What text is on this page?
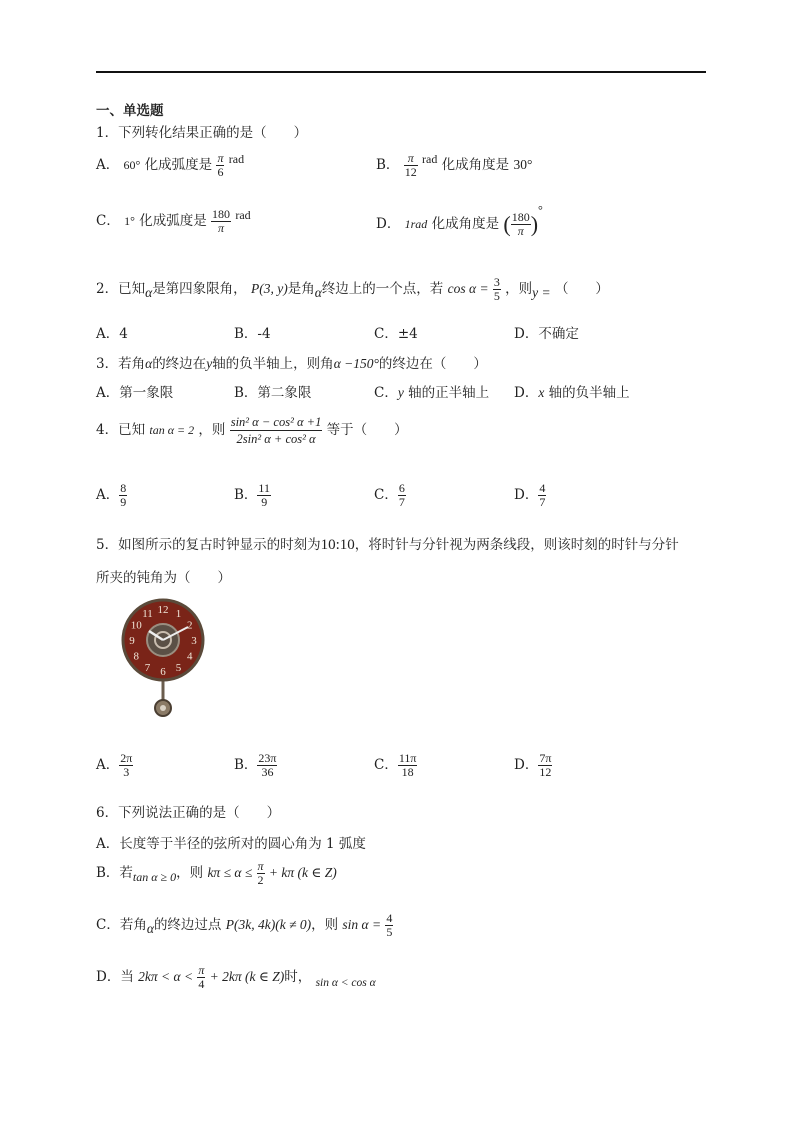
一、单选题
1．下列转化结果正确的是（　　）
A． 60° 化成弧度是 $\frac{\pi}{6}$ rad	B． $\frac{\pi}{12}$ rad 化成角度是 30°
C． 1° 化成弧度是 $\frac{180}{\pi}$ rad
D． 1rad 化成角度是 ( $\frac{180}{\pi}$ )°
2．已知α是第四象限角， P(3, y)是角α终边上的一个点，若 $\cos \alpha = \frac{3}{5}$ ，则y = （　　）
A．4	B．-4	C．±4	D．不确定
3．若角α的终边在y轴的负半轴上，则角α −150°的终边在（　　）
A．第一象限	B．第二象限	C．y 轴的正半轴上 D．x 轴的负半轴上
4．已知 tan α = 2 ，则 $\frac{\text{sin² α − cos² α +1}}{\text{2sin² α + cos² α}}$ 等于（　　）
A． $\frac{8}{9}$	B． $\frac{11}{9}$	C． $\frac{6}{7}$	D． $\frac{4}{7}$
5．如图所示的复古时钟显示的时刻为10:10，将时针与分针视为两条线段，则该时刻的时针与分针
所夹的钝角为（　　）
12 1
2
3
4
5
6
7
8
9
10
11
A． $\frac{2\pi}{3}$	B． $\frac{23\pi}{36}$	C． $\frac{11\pi}{18}$	D． $\frac{7\pi}{12}$
6．下列说法正确的是（　　）
A．长度等于半径的弦所对的圆心角为 1 弧度
B．若tan α ≥ 0，则 $k\pi \le \alpha \le \frac{\pi}{2} + k\pi$ (k ∈ Z)
C．若角α的终边过点 P(3k, 4k)(k ≠ 0)，则 $\sin \alpha = \frac{4}{5}$
D．当 $2k\pi < \alpha < \frac{\pi}{4} + 2k\pi$ (k ∈ Z)时， sin α < cos α
